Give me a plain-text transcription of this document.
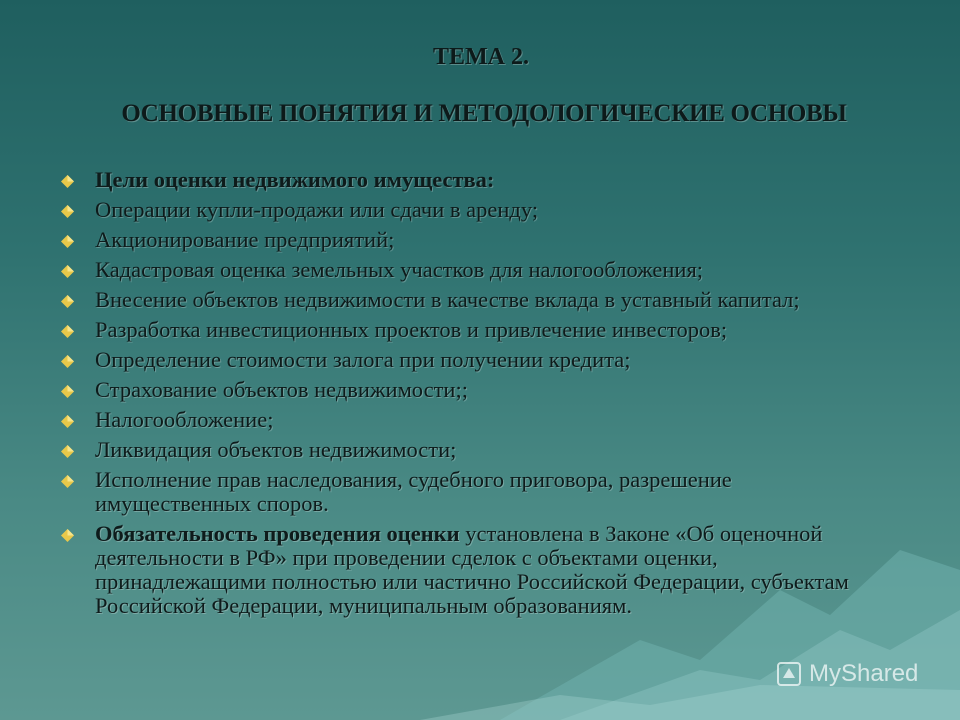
ТЕМА 2.
ОСНОВНЫЕ ПОНЯТИЯ И МЕТОДОЛОГИЧЕСКИЕ ОСНОВЫ
Цели оценки недвижимого имущества:
Операции купли-продажи или сдачи в аренду;
Акционирование предприятий;
Кадастровая оценка земельных участков для налогообложения;
Внесение объектов недвижимости в качестве вклада в уставный капитал;
Разработка инвестиционных проектов и привлечение инвесторов;
Определение стоимости залога при получении кредита;
Страхование объектов недвижимости;;
Налогообложение;
Ликвидация объектов недвижимости;
Исполнение прав наследования, судебного приговора, разрешение имущественных споров.
Обязательность проведения оценки установлена в Законе «Об оценочной деятельности в РФ» при проведении сделок с объектами оценки, принадлежащими полностью или частично Российской Федерации, субъектам Российской Федерации, муниципальным образованиям.
MyShared
